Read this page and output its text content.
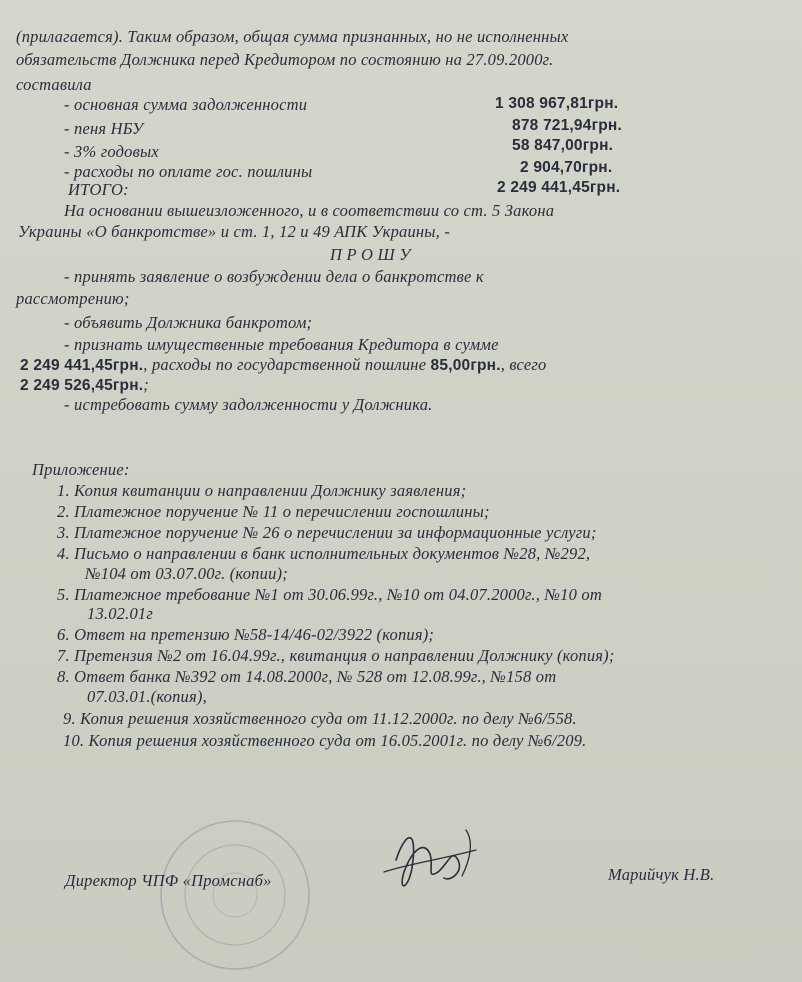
(прилагается). Таким образом, общая сумма признанных, но не исполненных
обязательств Должника перед Кредитором по состоянию на 27.09.2000г.
составила
- основная сумма задолженности	1 308 967,81грн.
- пеня НБУ	878 721,94грн.
- 3% годовых	58 847,00грн.
- расходы по оплате гос. пошлины	2 904,70грн.
ИТОГО:	2 249 441,45грн.
На основании вышеизложенного, и в соответствии со ст. 5 Закона
Украины «О банкротстве» и ст. 1, 12 и 49 АПК Украины, -
П Р О Ш У
- принять заявление о возбуждении дела о банкротстве к
рассмотрению;
- объявить Должника банкротом;
- признать имущественные требования Кредитора в сумме
2 249 441,45грн., расходы по государственной пошлине 85,00грн., всего
2 249 526,45грн.;
- истребовать сумму задолженности у Должника.
Приложение:
1. Копия квитанции о направлении Должнику заявления;
2. Платежное поручение № 11 о перечислении госпошлины;
3. Платежное поручение № 26 о перечислении за информационные услуги;
4. Письмо о направлении в банк исполнительных документов №28, №292,
№104 от 03.07.00г. (копии);
5. Платежное требование №1 от 30.06.99г., №10 от 04.07.2000г., №10 от
13.02.01г
6. Ответ на претензию №58-14/46-02/3922 (копия);
7. Претензия №2 от 16.04.99г., квитанция о направлении Должнику (копия);
8. Ответ банка №392 от 14.08.2000г, № 528 от 12.08.99г., №158 от
07.03.01.(копия),
9. Копия решения хозяйственного суда от 11.12.2000г. по делу №6/558.
10. Копия решения хозяйственного суда от 16.05.2001г. по делу №6/209.
Директор ЧПФ «Промснаб»	Марийчук Н.В.
